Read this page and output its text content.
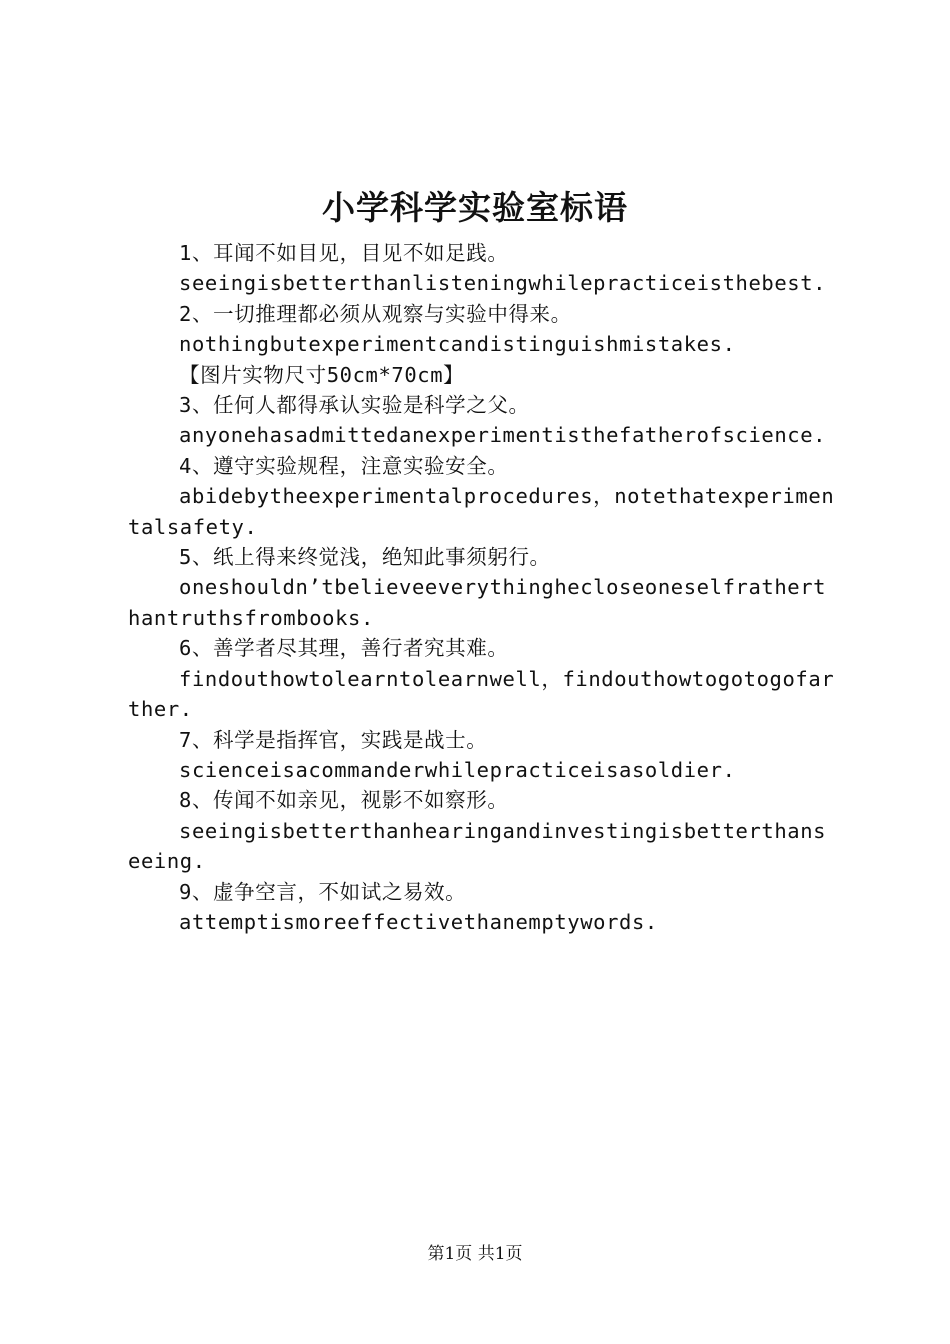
小学科学实验室标语

1、耳闻不如目见，目见不如足践。

seeingisbetterthanlisteningwhilepracticeisthebest.

2、一切推理都必须从观察与实验中得来。

nothingbutexperimentcandistinguishmistakes.

【图片实物尺寸50cm*70cm】

3、任何人都得承认实验是科学之父。

anyonehasadmittedanexperimentisthefatherofscience.

4、遵守实验规程，注意实验安全。

abidebytheexperimentalprocedures，notethatexperimentalsafety.

5、纸上得来终觉浅，绝知此事须躬行。

oneshouldn’tbelieveeverythinghecloseoneselfratherthantruthsfrombooks.

6、善学者尽其理，善行者究其难。

findouthowtolearntolearnwell，findouthowtogotogofarther.

7、科学是指挥官，实践是战士。

scienceisacommanderwhilepracticeisasoldier.

8、传闻不如亲见，视影不如察形。

seeingisbetterthanhearingandinvestingisbetterthanseeing.

9、虚争空言，不如试之易效。

attemptismoreeffectivethanemptywords.

第1页 共1页
